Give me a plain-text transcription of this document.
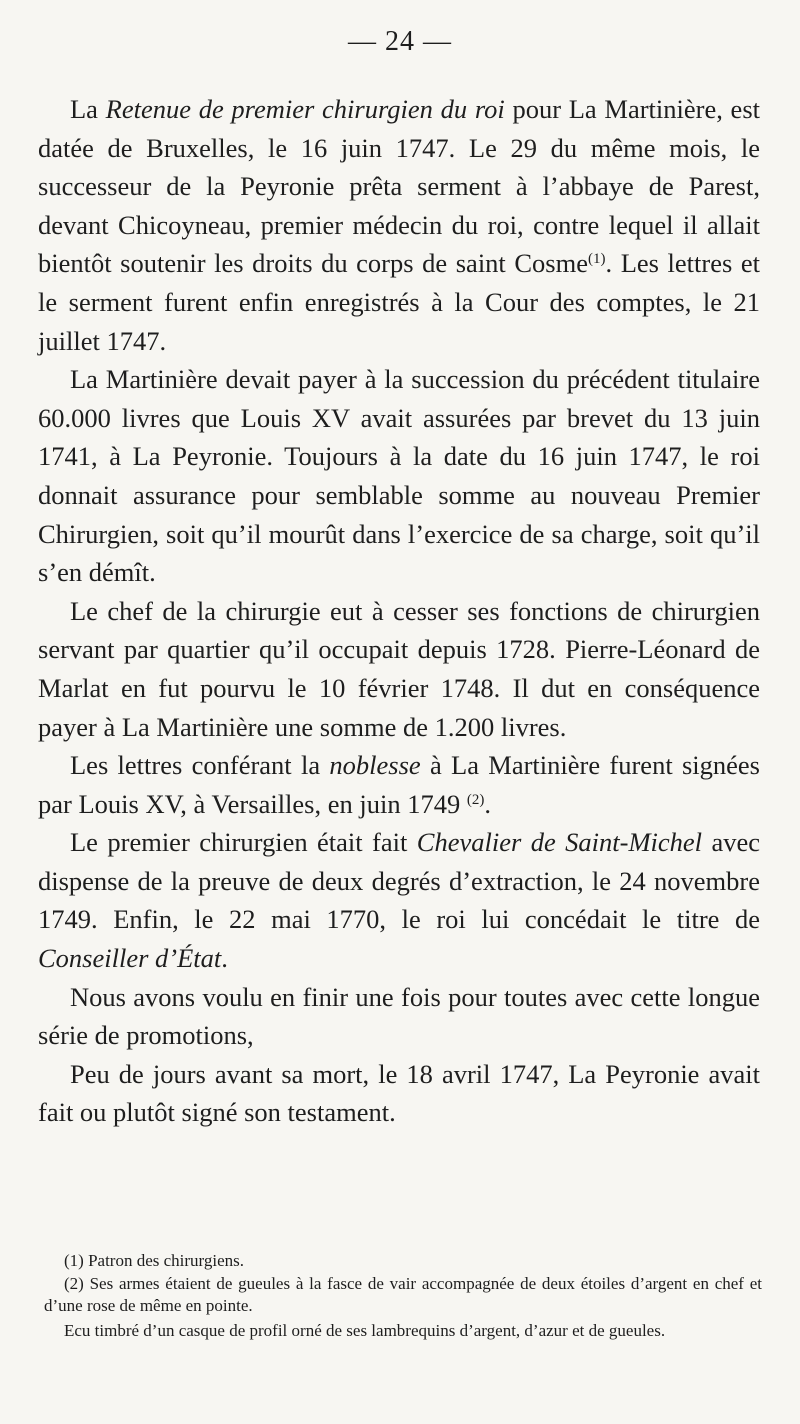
— 24 —

La Retenue de premier chirurgien du roi pour La Martinière, est datée de Bruxelles, le 16 juin 1747. Le 29 du même mois, le successeur de la Peyronie prêta serment à l’abbaye de Parest, devant Chicoyneau, premier médecin du roi, contre lequel il allait bientôt soutenir les droits du corps de saint Cosme$^{(1)}$. Les lettres et le serment furent enfin enregistrés à la Cour des comptes, le 21 juillet 1747.

La Martinière devait payer à la succession du précédent titulaire 60.000 livres que Louis XV avait assurées par brevet du 13 juin 1741, à La Peyronie. Toujours à la date du 16 juin 1747, le roi donnait assurance pour semblable somme au nouveau Premier Chirurgien, soit qu’il mourût dans l’exercice de sa charge, soit qu’il s’en démît.

Le chef de la chirurgie eut à cesser ses fonctions de chirurgien servant par quartier qu’il occupait depuis 1728. Pierre-Léonard de Marlat en fut pourvu le 10 février 1748. Il dut en conséquence payer à La Martinière une somme de 1.200 livres.

Les lettres conférant la noblesse à La Martinière furent signées par Louis XV, à Versailles, en juin 1749 $^{(2)}$.

Le premier chirurgien était fait Chevalier de Saint-Michel avec dispense de la preuve de deux degrés d’extraction, le 24 novembre 1749. Enfin, le 22 mai 1770, le roi lui concédait le titre de Conseiller d’État.

Nous avons voulu en finir une fois pour toutes avec cette longue série de promotions,

Peu de jours avant sa mort, le 18 avril 1747, La Peyronie avait fait ou plutôt signé son testament.

(1) Patron des chirurgiens.

(2) Ses armes étaient de gueules à la fasce de vair accompagnée de deux étoiles d’argent en chef et d’une rose de même en pointe.

Ecu timbré d’un casque de profil orné de ses lambrequins d’argent, d’azur et de gueules.
